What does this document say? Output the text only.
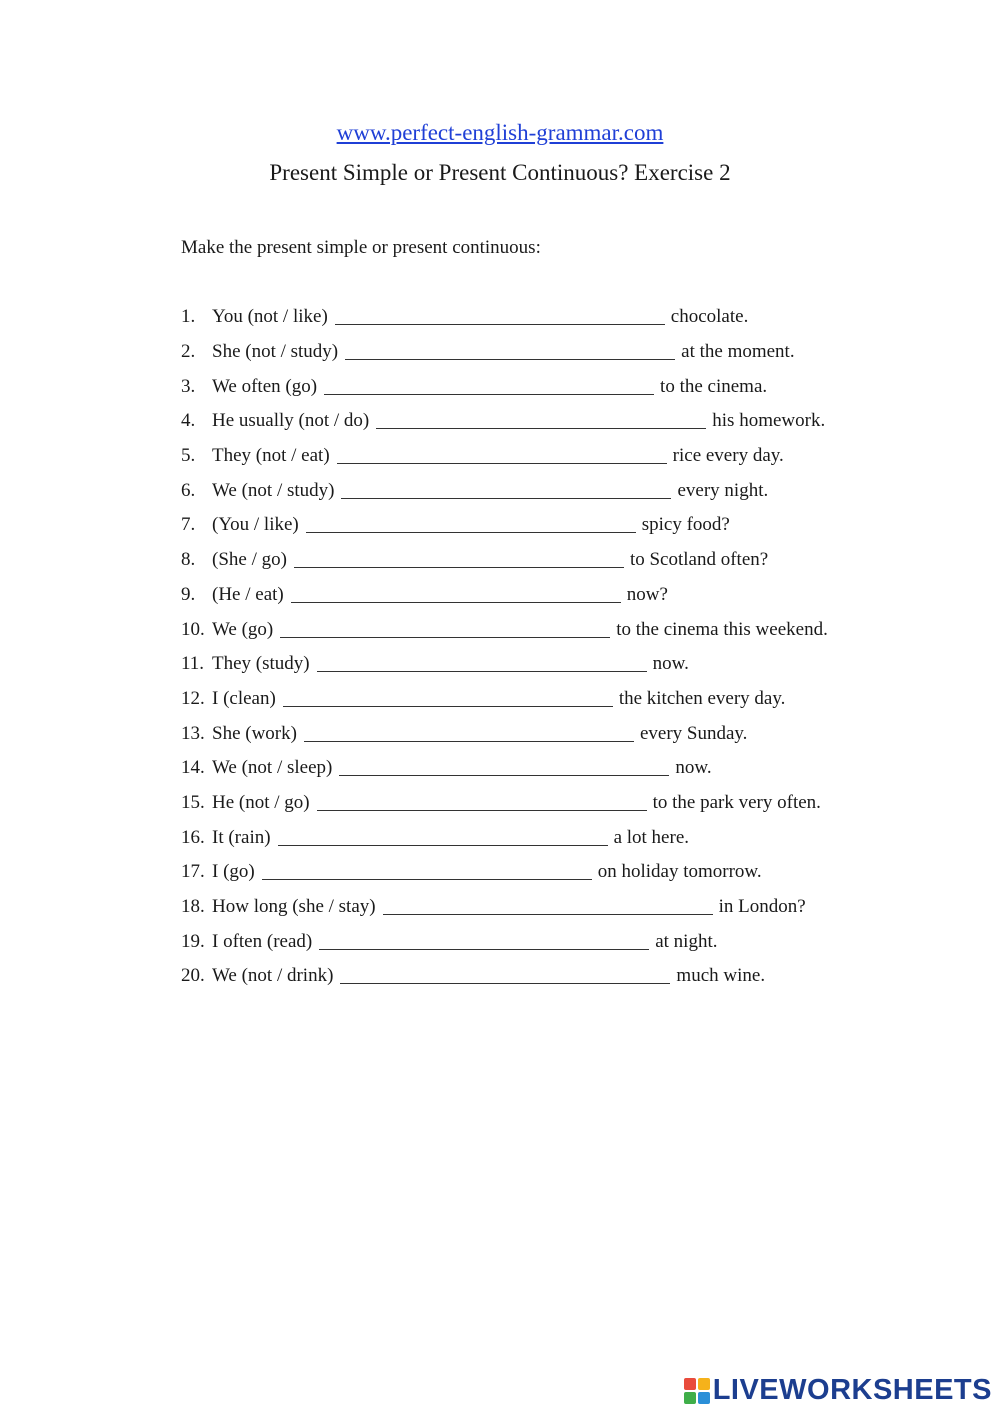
www.perfect-english-grammar.com
Present Simple or Present Continuous? Exercise 2
Make the present simple or present continuous:
1. You (not / like)	chocolate.
2. She (not / study)	at the moment.
3. We often (go)	to the cinema.
4. He usually (not / do)	his homework.
5. They (not / eat)	rice every day.
6. We (not / study)	every night.
7. (You / like)	spicy food?
8. (She / go)	to Scotland often?
9. (He / eat)	now?
10. We (go)	to the cinema this weekend.
11. They (study)	now.
12. I (clean)	the kitchen every day.
13. She (work)	every Sunday.
14. We (not / sleep)	now.
15. He (not / go)	to the park very often.
16. It (rain)	a lot here.
17. I (go)	on holiday tomorrow.
18. How long (she / stay)	in London?
19. I often (read)	at night.
20. We (not / drink)	much wine.
LIVEWORKSHEETS
